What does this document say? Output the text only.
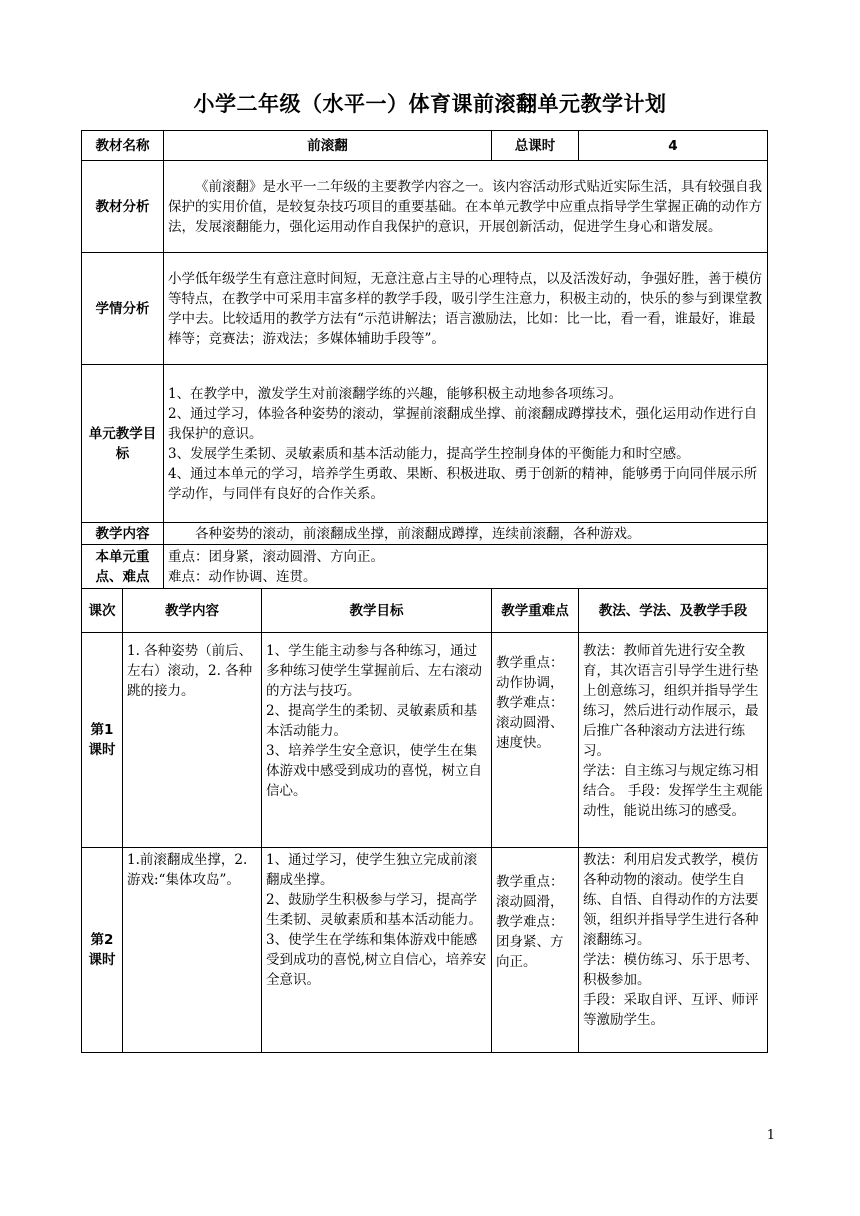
小学二年级（水平一）体育课前滚翻单元教学计划
教材名称		前滚翻		总课时	4
教材分析		《前滚翻》是水平一二年级的主要教学内容之一。该内容活动形式贴近实际生活，具有较强自我保护的实用价值，是较复杂技巧项目的重要基础。在本单元教学中应重点指导学生掌握正确的动作方法，发展滚翻能力，强化运用动作自我保护的意识，开展创新活动，促进学生身心和谐发展。			
学情分析		小学低年级学生有意注意时间短，无意注意占主导的心理特点，以及活泼好动，争强好胜，善于模仿等特点，在教学中可采用丰富多样的教学手段，吸引学生注意力，积极主动的，快乐的参与到课堂教学中去。比较适用的教学方法有“示范讲解法；语言激励法，比如：比一比，看一看，谁最好，谁最棒等；竞赛法；游戏法；多媒体辅助手段等”。			
单元教学目标		1、在教学中，激发学生对前滚翻学练的兴趣，能够积极主动地参各项练习。

2、通过学习，体验各种姿势的滚动，掌握前滚翻成坐撑、前滚翻成蹲撑技术，强化运用动作进行自我保护的意识。

3、发展学生柔韧、灵敏素质和基本活动能力，提高学生控制身体的平衡能力和时空感。

4、通过本单元的学习，培养学生勇敢、果断、积极进取、勇于创新的精神，能够勇于向同伴展示所学动作，与同伴有良好的合作关系。			

教学内容		各种姿势的滚动，前滚翻成坐撑，前滚翻成蹲撑，连续前滚翻，各种游戏。			
本单元重点、难点		重点：团身紧，滚动圆滑、方向正。

难点：动作协调、连贯。			

课次	教学内容		教学目标	教学重难点	教法、学法、及教学手段
第1课时	1. 各种姿势（前后、左右）滚动，2. 各种跳的接力。		1、学生能主动参与各种练习，通过多种练习使学生掌握前后、左右滚动的方法与技巧。
2、提高学生的柔韧、灵敏素质和基本活动能力。
3、培养学生安全意识，使学生在集体游戏中感受到成功的喜悦，树立自信心。	教学重点：动作协调，教学难点：滚动圆滑、速度快。	教法：教师首先进行安全教育，其次语言引导学生进行垫上创意练习，组织并指导学生练习，然后进行动作展示，最后推广各种滚动方法进行练习。
学法：自主练习与规定练习相结合。 手段：发挥学生主观能动性，能说出练习的感受。
第2课时	1.前滚翻成坐撑，2.游戏:“集体攻岛”。		1、通过学习，使学生独立完成前滚翻成坐撑。
2、鼓励学生积极参与学习，提高学生柔韧、灵敏素质和基本活动能力。
3、使学生在学练和集体游戏中能感受到成功的喜悦,树立自信心，培养安全意识。	教学重点：滚动圆滑，教学难点：团身紧、方向正。	教法：利用启发式教学，模仿各种动物的滚动。使学生自练、自悟、自得动作的方法要领，组织并指导学生进行各种滚翻练习。
学法：模仿练习、乐于思考、积极参加。
手段：采取自评、互评、师评等激励学生。
1
